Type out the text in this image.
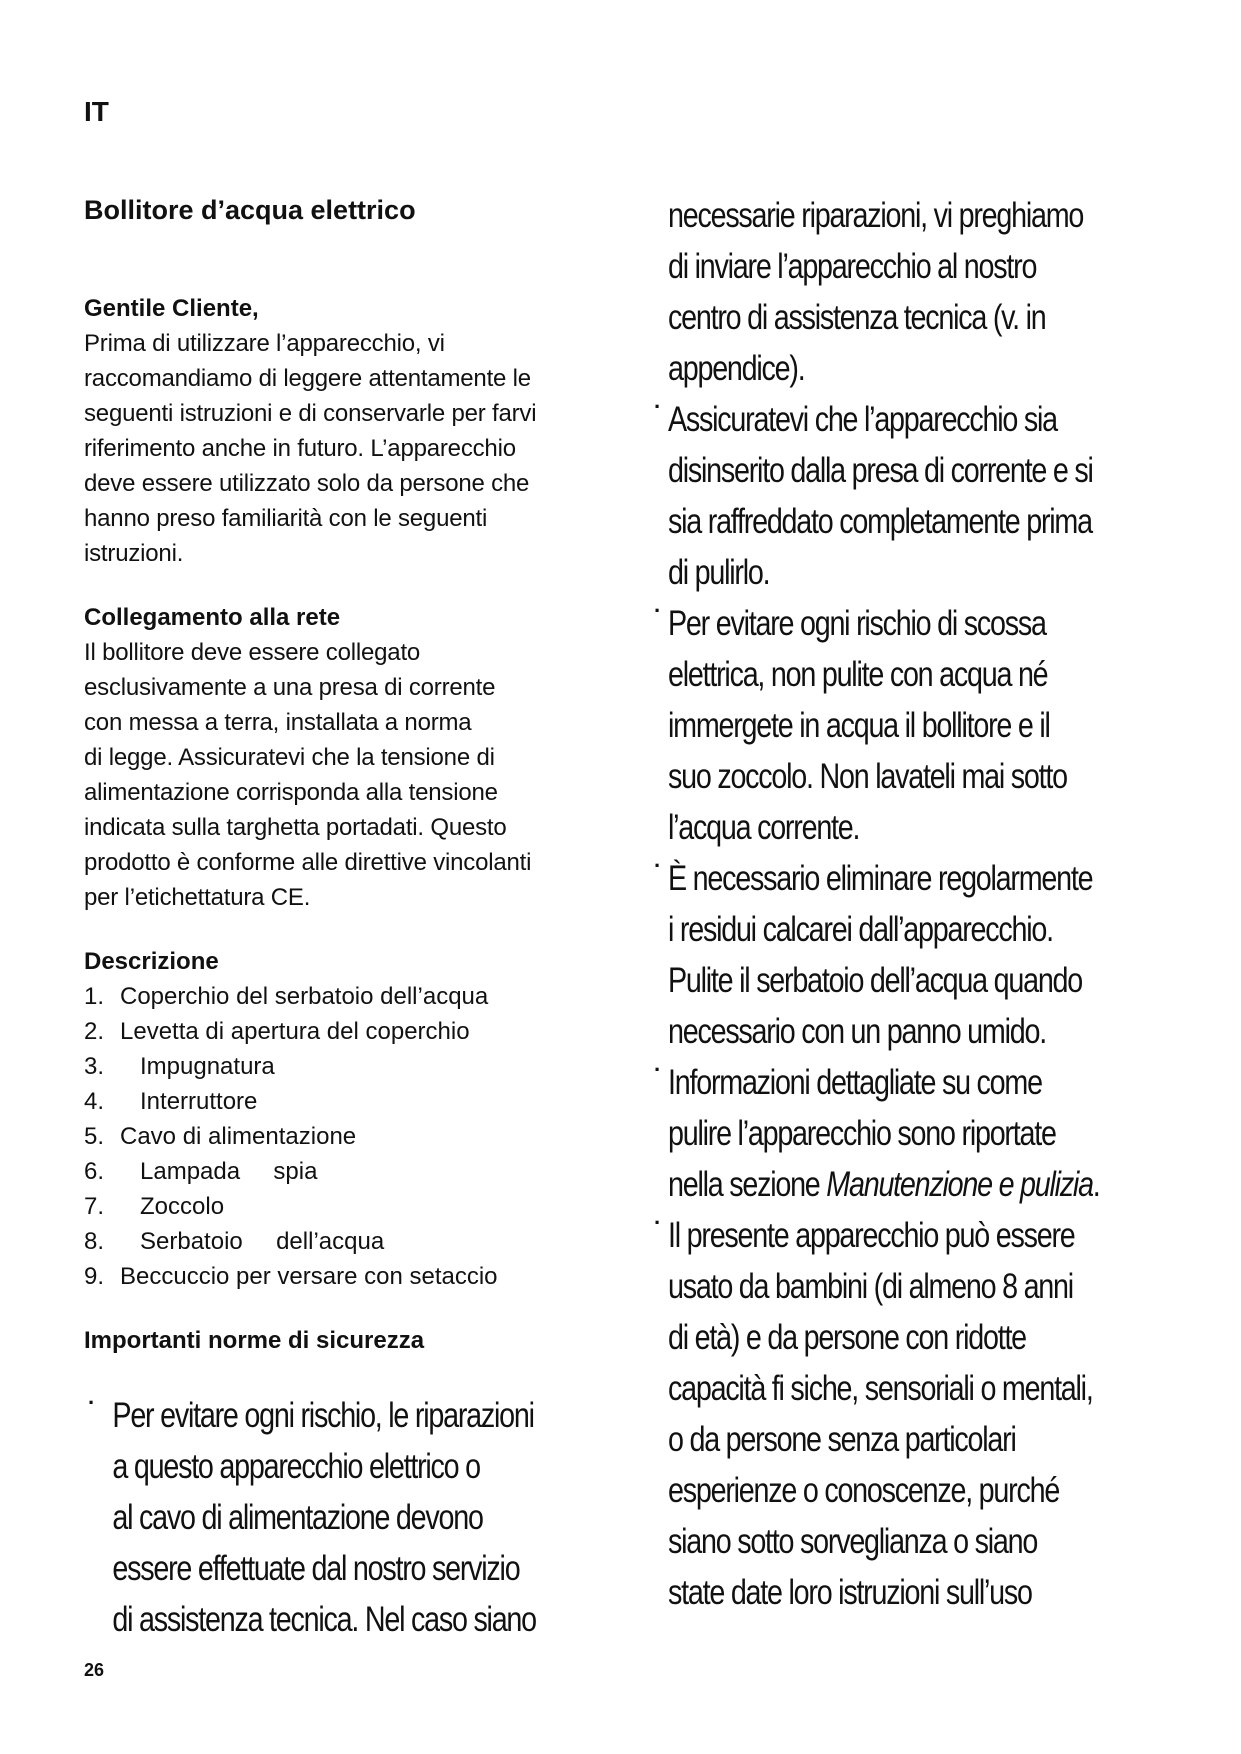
IT
Bollitore d’acqua elettrico
Gentile Cliente,
Prima di utilizzare l’apparecchio, vi
raccomandiamo di leggere attentamente le
seguenti istruzioni e di conservarle per farvi
riferimento anche in futuro. L’apparecchio
deve essere utilizzato solo da persone che
hanno preso familiarità con le seguenti
istruzioni.
Collegamento alla rete
Il bollitore deve essere collegato
esclusivamente a una presa di corrente
con messa a terra, installata a norma
di legge. Assicuratevi che la tensione di
alimentazione corrisponda alla tensione
indicata sulla targhetta portadati. Questo
prodotto è conforme alle direttive vincolanti
per l’etichettatura CE.
Descrizione
1. Coperchio del serbatoio dell’acqua
2. Levetta di apertura del coperchio
3. Impugnatura
4. Interruttore
5. Cavo di alimentazione
6. Lampada     spia
7. Zoccolo
8. Serbatoio     dell’acqua
9. Beccuccio per versare con setaccio
Importanti norme di sicurezza
· Per evitare ogni rischio, le riparazioni
a questo apparecchio elettrico o
al cavo di alimentazione devono
essere effettuate dal nostro servizio
di assistenza tecnica. Nel caso siano
necessarie riparazioni, vi preghiamo
di inviare l’apparecchio al nostro
centro di assistenza tecnica (v. in
appendice).
· Assicuratevi che l’apparecchio sia
disinserito dalla presa di corrente e si
sia raffreddato completamente prima
di pulirlo.
· Per evitare ogni rischio di scossa
elettrica, non pulite con acqua né
immergete in acqua il bollitore e il
suo zoccolo. Non lavateli mai sotto
l’acqua corrente.
· È necessario eliminare regolarmente
i residui calcarei dall’apparecchio.
Pulite il serbatoio dell’acqua quando
necessario con un panno umido.
· Informazioni dettagliate su come
pulire l’apparecchio sono riportate
nella sezione Manutenzione e pulizia.
· Il presente apparecchio può essere
usato da bambini (di almeno 8 anni
di età) e da persone con ridotte
capacità fi siche, sensoriali o mentali,
o da persone senza particolari
esperienze o conoscenze, purché
siano sotto sorveglianza o siano
state date loro istruzioni sull’uso
26
